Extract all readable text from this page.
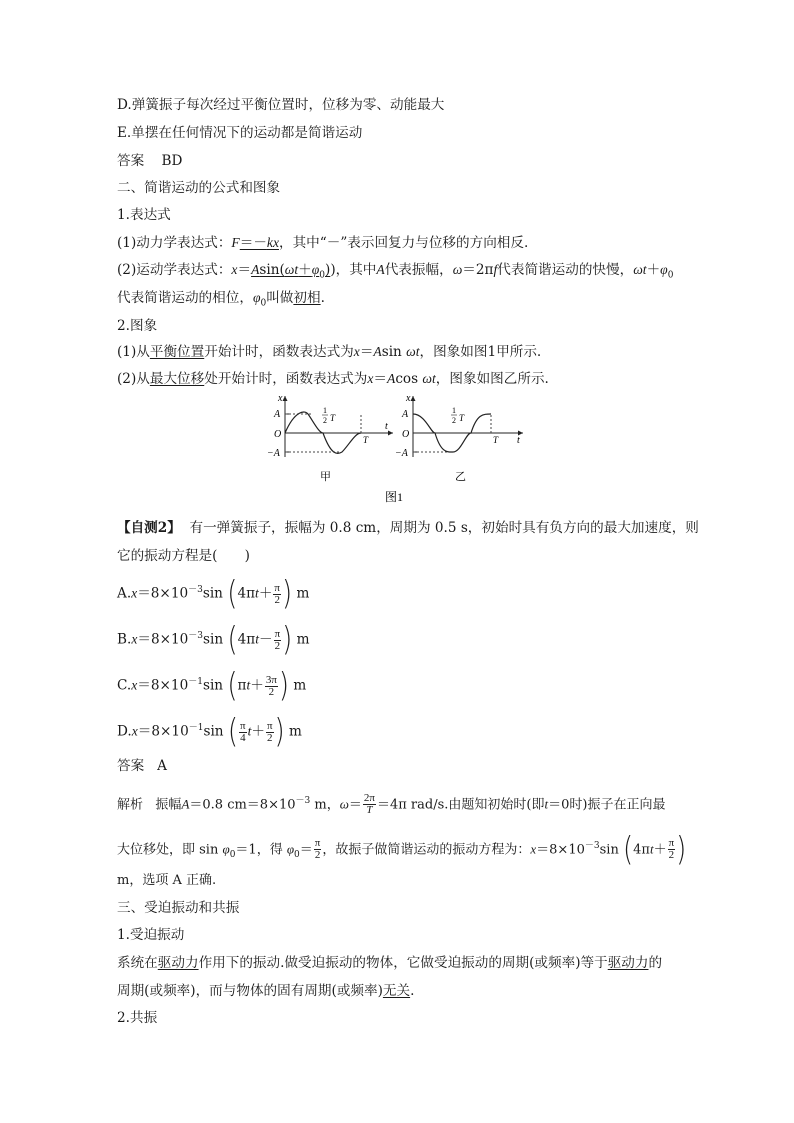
D.弹簧振子每次经过平衡位置时，位移为零、动能最大
E.单摆在任何情况下的运动都是简谐运动
答案 BD
二、简谐运动的公式和图象
1.表达式
(1)动力学表达式：F＝－kx，其中“－”表示回复力与位移的方向相反.
(2)运动学表达式：$x=Asin(\omega t+\varphi_0)$)，其中A代表振幅，ω＝2πf代表简谐运动的快慢，$\omega t+\varphi_0$
代表简谐运动的相位，$\varphi_0$叫做初相.
2.图象
(1)从平衡位置开始计时，函数表达式为x＝Asin ωt，图象如图1甲所示.
(2)从最大位移处开始计时，函数表达式为x＝Acos ωt，图象如图乙所示.
x
t
A
O
−A
1
2 T
T
甲
x
t
A
O
−A
1
2 T
T
乙
图1
【自测2】 有一弹簧振子，振幅为 0.8 cm，周期为 0.5 s，初始时具有负方向的最大加速度，则
它的振动方程是(　　)
$A.x=8\times 10^{-3}\sin$ ($4\pi t+ \frac{\pi}{2}$ ) m
$B.x=8\times 10^{-3}\sin$ ($4\pi t- \frac{\pi}{2}$ ) m
$C.x=8\times 10^{-1}\sin$ ($\pi t+ \frac{3\pi}{2}$ ) m
$D.x=8\times 10^{-1}\sin$ ( $\frac{\pi}{4} t+ \frac{\pi}{2}$ ) m
答案 A
解析 振幅A＝0.8 $cm=8\times 10^{-3}$ m，$\omega= \frac{2\pi}{T} =4\pi$ rad/s.由题知初始时(即t＝0时)振子在正向最
大位移处，即 $\sin \varphi_0=1$，得 $\varphi_0= \frac{\pi}{2}$ ，故振子做简谐运动的振动方程为：$x=8\times 10^{-3}\sin$ ($4\pi t+ \frac{\pi}{2}$ )
m，选项 A 正确.
三、受迫振动和共振
1.受迫振动
系统在驱动力作用下的振动.做受迫振动的物体，它做受迫振动的周期(或频率)等于驱动力的
周期(或频率)，而与物体的固有周期(或频率)无关.
2.共振
